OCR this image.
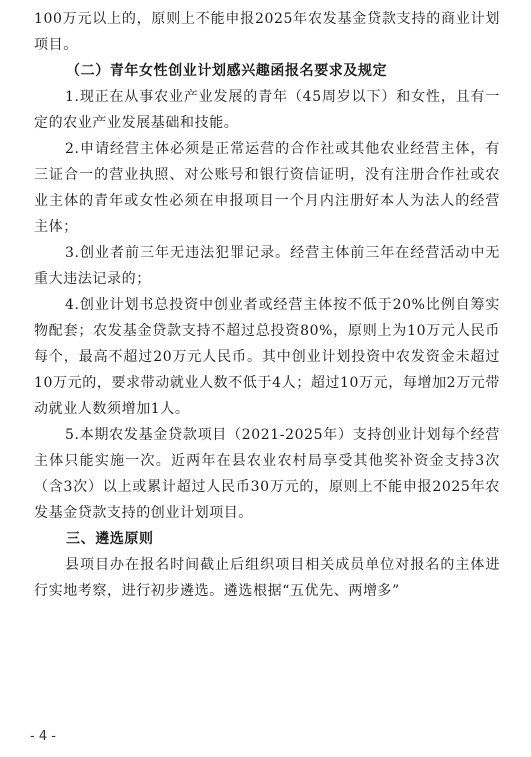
100万元以上的，原则上不能申报2025年农发基金贷款支持的商业计划项目。

（二）青年女性创业计划感兴趣函报名要求及规定

1.现正在从事农业产业发展的青年（45周岁以下）和女性，且有一定的农业产业发展基础和技能。

2.申请经营主体必须是正常运营的合作社或其他农业经营主体，有三证合一的营业执照、对公账号和银行资信证明，没有注册合作社或农业主体的青年或女性必须在申报项目一个月内注册好本人为法人的经营主体；

3.创业者前三年无违法犯罪记录。经营主体前三年在经营活动中无重大违法记录的；

4.创业计划书总投资中创业者或经营主体按不低于20%比例自筹实物配套；农发基金贷款支持不超过总投资80%，原则上为10万元人民币每个，最高不超过20万元人民币。其中创业计划投资中农发资金未超过10万元的，要求带动就业人数不低于4人；超过10万元，每增加2万元带动就业人数须增加1人。

5.本期农发基金贷款项目（2021-2025年）支持创业计划每个经营主体只能实施一次。近两年在县农业农村局享受其他奖补资金支持3次（含3次）以上或累计超过人民币30万元的，原则上不能申报2025年农发基金贷款支持的创业计划项目。

三、遴选原则

县项目办在报名时间截止后组织项目相关成员单位对报名的主体进行实地考察，进行初步遴选。遴选根据“五优先、两增多”

- 4 -
